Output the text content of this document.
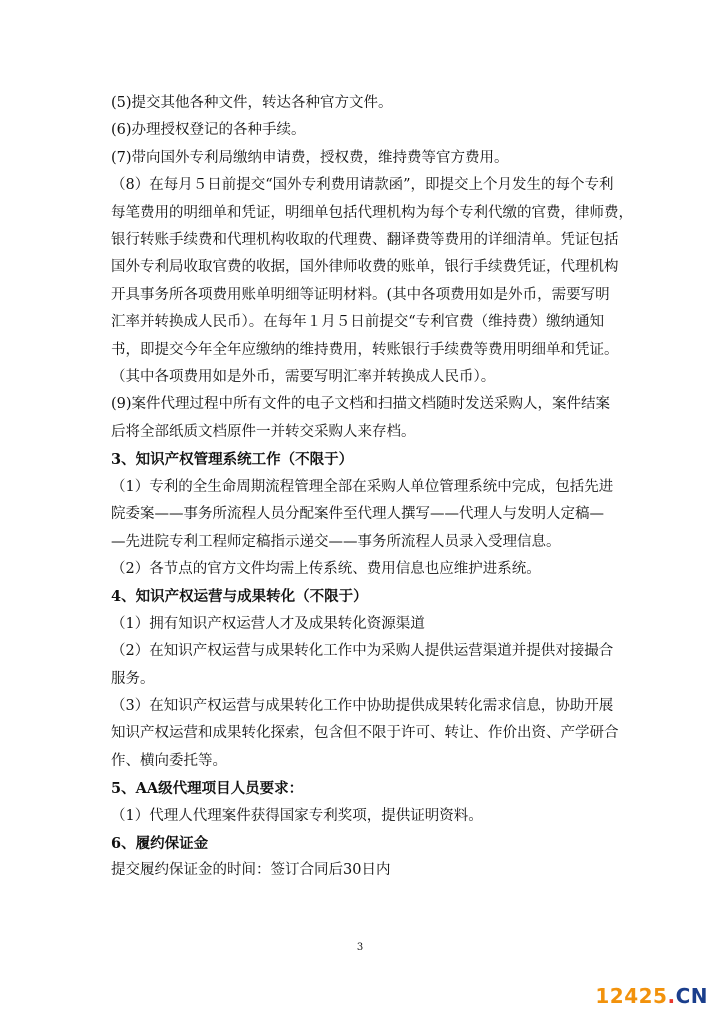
(5)提交其他各种文件，转达各种官方文件。

(6)办理授权登记的各种手续。

(7)带向国外专利局缴纳申请费，授权费，维持费等官方费用。

（8）在每月５日前提交“国外专利费用请款函”，即提交上个月发生的每个专利

每笔费用的明细单和凭证，明细单包括代理机构为每个专利代缴的官费，律师费，

银行转账手续费和代理机构收取的代理费、翻译费等费用的详细清单。凭证包括

国外专利局收取官费的收据，国外律师收费的账单，银行手续费凭证，代理机构

开具事务所各项费用账单明细等证明材料。(其中各项费用如是外币，需要写明

汇率并转换成人民币）。在每年１月５日前提交“专利官费（维持费）缴纳通知

书，即提交今年全年应缴纳的维持费用，转账银行手续费等费用明细单和凭证。

（其中各项费用如是外币，需要写明汇率并转换成人民币）。

(9)案件代理过程中所有文件的电子文档和扫描文档随时发送采购人，案件结案

后将全部纸质文档原件一并转交采购人来存档。

3、知识产权管理系统工作（不限于）

（1）专利的全生命周期流程管理全部在采购人单位管理系统中完成，包括先进

院委案——事务所流程人员分配案件至代理人撰写——代理人与发明人定稿—

—先进院专利工程师定稿指示递交——事务所流程人员录入受理信息。

（2）各节点的官方文件均需上传系统、费用信息也应维护进系统。

4、知识产权运营与成果转化（不限于）

（1）拥有知识产权运营人才及成果转化资源渠道

（2）在知识产权运营与成果转化工作中为采购人提供运营渠道并提供对接撮合

服务。

（3）在知识产权运营与成果转化工作中协助提供成果转化需求信息，协助开展

知识产权运营和成果转化探索，包含但不限于许可、转让、作价出资、产学研合

作、横向委托等。

5、AA级代理项目人员要求：

（1）代理人代理案件获得国家专利奖项，提供证明资料。

6、履约保证金

提交履约保证金的时间：签订合同后30日内

3
12425.CN
